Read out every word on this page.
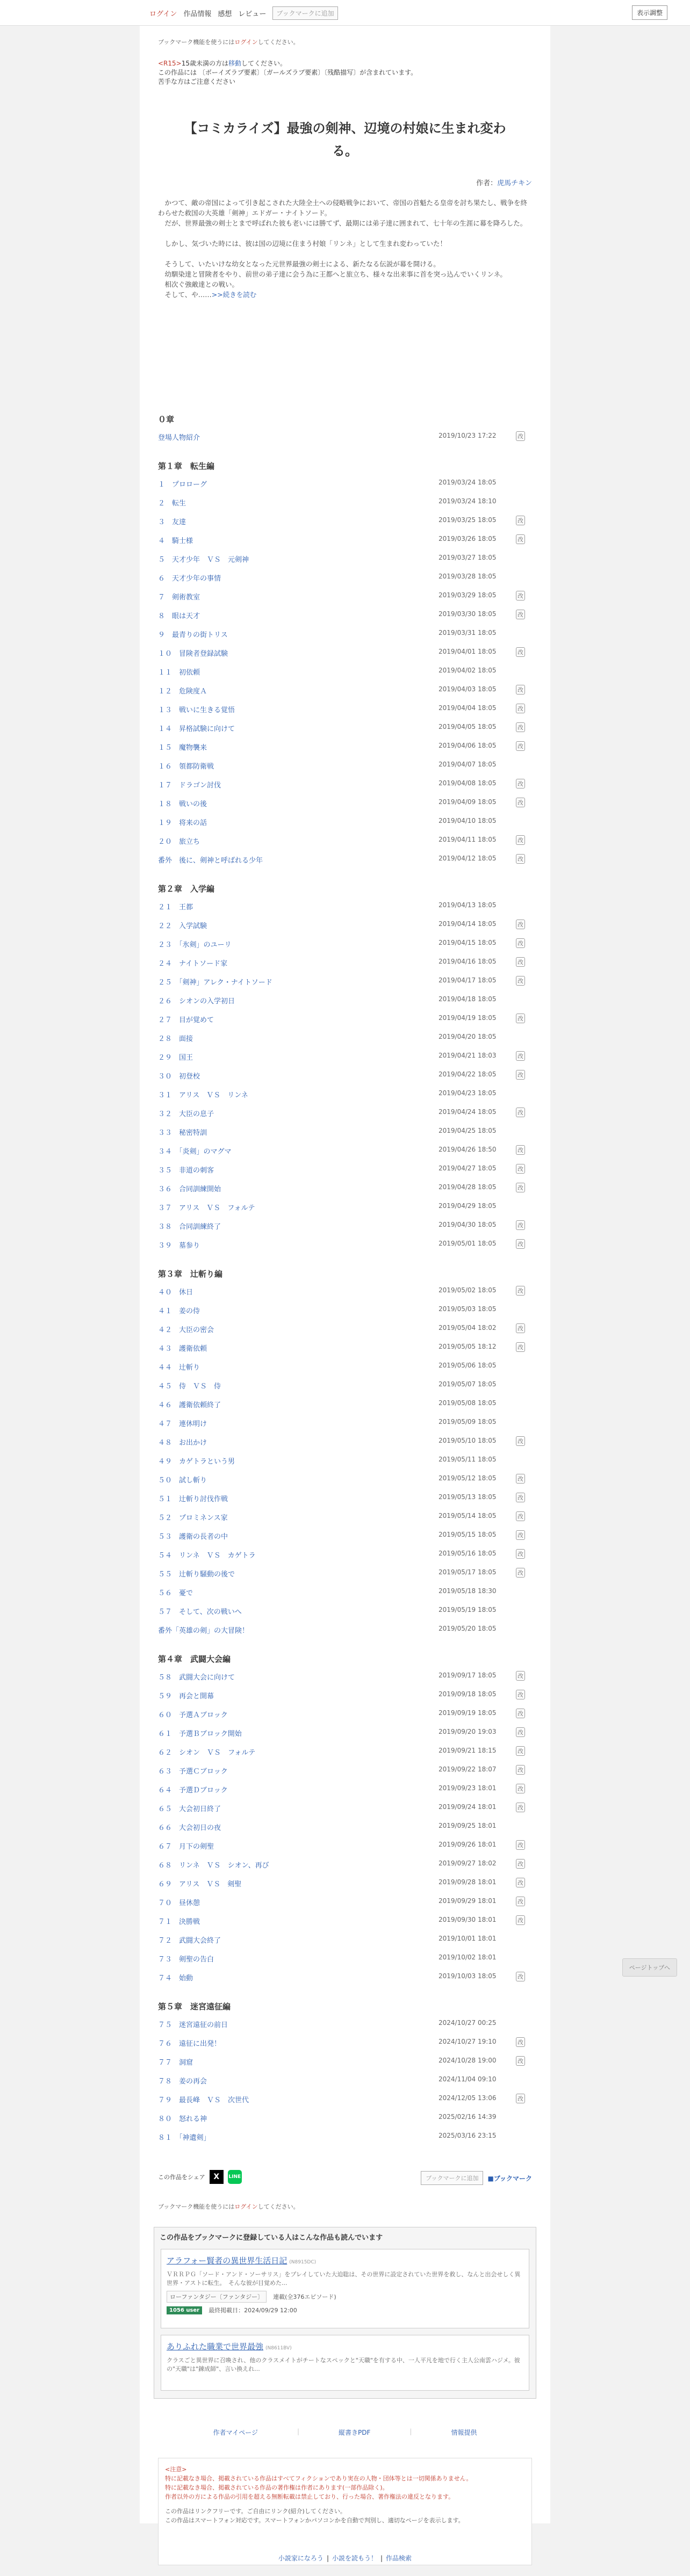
ログイン 作品情報 感想 レビュー	ブックマークに追加	表示調整
ブックマーク機能を使うにはログインしてください。
<R15>15歳未満の方は移動してください。
この作品には 〔ボーイズラブ要素〕〔ガールズラブ要素〕〔残酷描写〕が含まれています。
苦手な方はご注意ください
【コミカライズ】最強の剣神、辺境の村娘に生まれ変わ
る。
作者：虎馬チキン

　かつて、敵の帝国によって引き起こされた大陸全土への侵略戦争において、帝国の首魁たる皇帝を討ち果たし、戦争を終わらせた救国の大英雄「剣神」エドガー・ナイトソード。

　だが、世界最強の剣士とまで呼ばれた彼も老いには勝てず、最期には弟子達に囲まれて、七十年の生涯に幕を降ろした。

　しかし、気づいた時には、彼は国の辺境に住まう村娘「リンネ」として生まれ変わっていた！

　そうして、いたいけな幼女となった元世界最強の剣士による、新たなる伝説が幕を開ける。

　幼馴染達と冒険者をやり、前世の弟子達に会う為に王都へと旅立ち、様々な出来事に首を突っ込んでいくリンネ。

　相次ぐ強敵達との戦い。

　そして、や……>>続きを読む

０章
登場人物紹介	2019/10/23 17:22	改
第１章　転生編
１　プロローグ	2019/03/24 18:05
２　転生	2019/03/24 18:10
３　友達	2019/03/25 18:05	改
４　騎士様	2019/03/26 18:05	改
５　天才少年　ＶＳ　元剣神	2019/03/27 18:05
６　天才少年の事情	2019/03/28 18:05
７　剣術教室	2019/03/29 18:05	改
８　眼は天才	2019/03/30 18:05	改
９　最青りの街トリス	2019/03/31 18:05
１０　冒険者登録試験	2019/04/01 18:05	改
１１　初依頼	2019/04/02 18:05
１２　危険度Ａ	2019/04/03 18:05	改
１３　戦いに生きる覚悟	2019/04/04 18:05	改
１４　昇格試験に向けて	2019/04/05 18:05	改
１５　魔物襲来	2019/04/06 18:05	改
１６　領都防衛戦	2019/04/07 18:05
１７　ドラゴン討伐	2019/04/08 18:05	改
１８　戦いの後	2019/04/09 18:05	改
１９　将来の話	2019/04/10 18:05
２０　旅立ち	2019/04/11 18:05	改
番外　後に、剣神と呼ばれる少年	2019/04/12 18:05	改
第２章　入学編
２１　王都	2019/04/13 18:05
２２　入学試験	2019/04/14 18:05	改
２３　「氷剣」のユーリ	2019/04/15 18:05	改
２４　ナイトソード家	2019/04/16 18:05	改
２５　「剣神」アレク・ナイトソード	2019/04/17 18:05	改
２６　シオンの入学初日	2019/04/18 18:05
２７　目が覚めて	2019/04/19 18:05	改
２８　面接	2019/04/20 18:05
２９　国王	2019/04/21 18:03	改
３０　初登校	2019/04/22 18:05	改
３１　アリス　ＶＳ　リンネ	2019/04/23 18:05
３２　大臣の息子	2019/04/24 18:05	改
３３　秘密特訓	2019/04/25 18:05
３４　「炎剣」のマグマ	2019/04/26 18:50	改
３５　非道の刺客	2019/04/27 18:05	改
３６　合同訓練開始	2019/04/28 18:05	改
３７　アリス　ＶＳ　フォルテ	2019/04/29 18:05
３８　合同訓練終了	2019/04/30 18:05	改
３９　墓参り	2019/05/01 18:05	改
第３章　辻斬り編
４０　休日	2019/05/02 18:05	改
４１　姜の侍	2019/05/03 18:05
４２　大臣の密会	2019/05/04 18:02	改
４３　護衛依頼	2019/05/05 18:12	改
４４　辻斬り	2019/05/06 18:05
４５　侍　ＶＳ　侍	2019/05/07 18:05
４６　護衛依頼終了	2019/05/08 18:05
４７　連休明け	2019/05/09 18:05
４８　お出かけ	2019/05/10 18:05	改
４９　カゲトラという男	2019/05/11 18:05
５０　試し斬り	2019/05/12 18:05	改
５１　辻斬り討伐作戦	2019/05/13 18:05	改
５２　プロミネンス家	2019/05/14 18:05	改
５３　護衛の長者の中	2019/05/15 18:05	改
５４　リンネ　ＶＳ　カゲトラ	2019/05/16 18:05	改
５５　辻斬り騒動の後で	2019/05/17 18:05	改
５６　憂で	2019/05/18 18:30
５７　そして、次の戦いへ	2019/05/19 18:05
番外「英雄の剣」の大冒険！	2019/05/20 18:05
第４章　武闘大会編
５８　武闘大会に向けて	2019/09/17 18:05	改
５９　再会と開幕	2019/09/18 18:05	改
６０　予選Ａブロック	2019/09/19 18:05	改
６１　予選Ｂブロック開始	2019/09/20 19:03	改
６２　シオン　ＶＳ　フォルテ	2019/09/21 18:15	改
６３　予選Ｃブロック	2019/09/22 18:07	改
６４　予選Ｄブロック	2019/09/23 18:01	改
６５　大会初日終了	2019/09/24 18:01	改
６６　大会初日の夜	2019/09/25 18:01
６７　月下の剣聖	2019/09/26 18:01	改
６８　リンネ　ＶＳ　シオン、再び	2019/09/27 18:02	改
６９　アリス　ＶＳ　剣聖	2019/09/28 18:01	改
７０　昼休憩	2019/09/29 18:01	改
７１　決勝戦	2019/09/30 18:01	改
７２　武闘大会終了	2019/10/01 18:01
７３　剣聖の告白	2019/10/02 18:01
７４　始動	2019/10/03 18:05	改
第５章　迷宮遠征編
７５　迷宮遠征の前日	2024/10/27 00:25
７６　遠征に出発！	2024/10/27 19:10	改
７７　洞窟	2024/10/28 19:00	改
７８　姜の再会	2024/11/04 09:10
７９　最長峰　ＶＳ　次世代	2024/12/05 13:06	改
８０　怒れる神	2025/02/16 14:39
８１　「神遺剣」	2025/03/16 23:15
この作品をシェア	X	LINE	ブックマークに追加	■ブックマーク
ブックマーク機能を使うにはログインしてください。
この作品をブックマークに登録している人はこんな作品も読んでいます
アラフォー賢者の異世界生活日記 (N8915DC)
ＶＲＲＰＧ「ソード・アンド・ソーサリス」をプレイしていた大迫聡は、その世界に設定されていた世界を救し、なんと出会せしく異世界・アストに転生。　そんな彼が目覚めた...
ローファンタジー〔ファンタジー〕	連載(全376エピソード)
1056 user	最終掲載日：2024/09/29 12:00
ありふれた職業で世界最強 (N8611BV)
クラスごと異世界に召喚され、他のクラスメイトがチートなスペックと"天職"を有する中、一人平凡を地で行く主人公南雲ハジメ。彼の"天職"は"錬成師"、言い換えれ...
作者マイページ	|	縦書きPDF	|	情報提供
<注意>
特に記載なき場合、掲載されている作品はすべてフィクションであり実在の人物・団体等とは一切関係ありません。
特に記載なき場合、掲載されている作品の著作権は作者にあります(一部作品除く)。
作者以外の方による作品の引用を超える無断転載は禁止しており、行った場合、著作権法の違反となります。
この作品はリンクフリーです。ご自由にリンク(紹介)してください。
この作品はスマートフォン対応です。スマートフォンかパソコンかを自動で判別し、適切なページを表示します。
ページトップへ
小説家になろう | 小説を読もう！ | 作品検索
